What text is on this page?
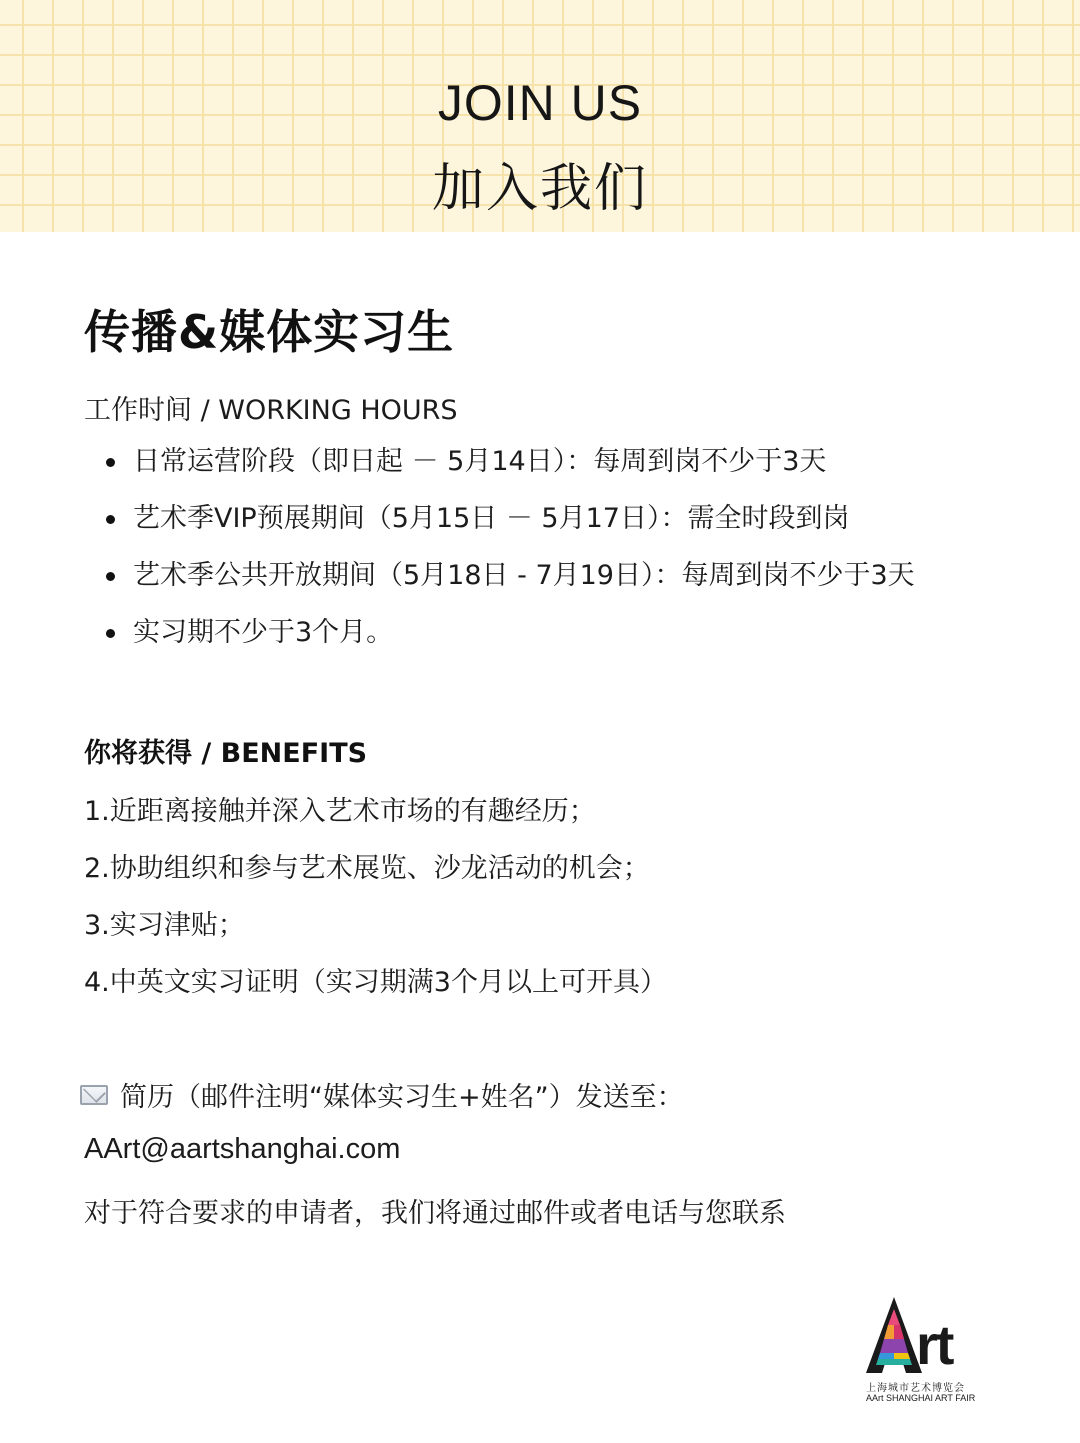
JOIN US
加入我们
传播&媒体实习生
工作时间 / WORKING HOURS
日常运营阶段（即日起 － 5月14日）：每周到岗不少于3天
艺术季VIP预展期间（5月15日 － 5月17日）：需全时段到岗
艺术季公共开放期间（5月18日 - 7月19日）：每周到岗不少于3天
实习期不少于3个月。
你将获得 / BENEFITS
1.近距离接触并深入艺术市场的有趣经历；
2.协助组织和参与艺术展览、沙龙活动的机会；
3.实习津贴；
4.中英文实习证明（实习期满3个月以上可开具）
简历（邮件注明“媒体实习生+姓名”）发送至：
AArt@aartshanghai.com
对于符合要求的申请者，我们将通过邮件或者电话与您联系
rt
上海城市艺术博览会
AArt SHANGHAI ART FAIR
